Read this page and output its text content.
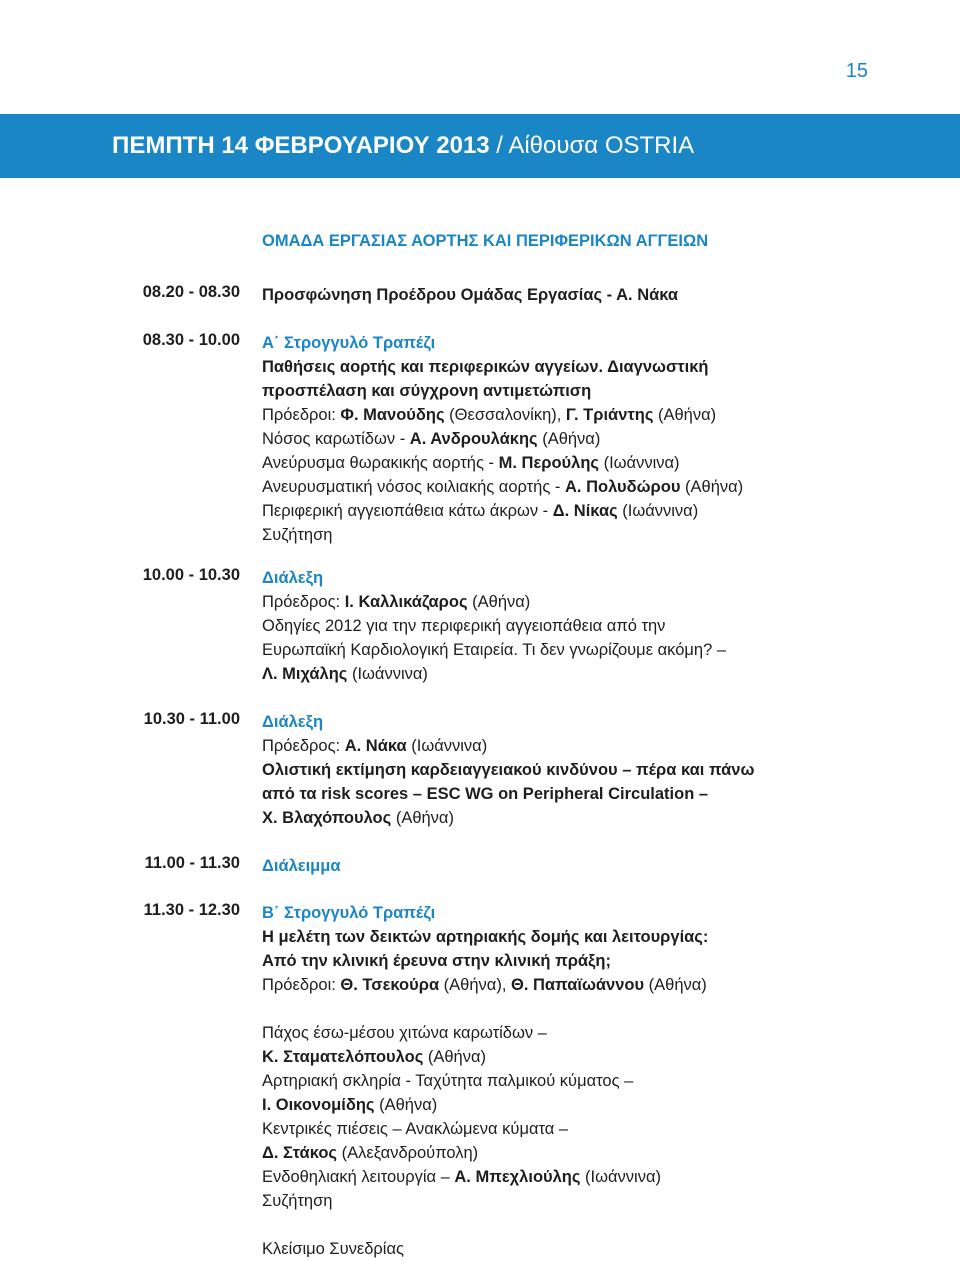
15
ΠΕΜΠΤΗ 14 ΦΕΒΡΟΥΑΡΙΟΥ 2013 / Αίθουσα OSTRIA
ΟΜΑΔΑ ΕΡΓΑΣΙΑΣ ΑΟΡΤΗΣ ΚΑΙ ΠΕΡΙΦΕΡΙΚΩΝ ΑΓΓΕΙΩΝ
08.20 - 08.30 Προσφώνηση Προέδρου Ομάδας Εργασίας - Α. Νάκα
08.30 - 10.00 Α΄ Στρογγυλό Τραπέζι
Παθήσεις αορτής και περιφερικών αγγείων. Διαγνωστική
προσπέλαση και σύγχρονη αντιμετώπιση
Πρόεδροι: Φ. Μανούδης (Θεσσαλονίκη), Γ. Τριάντης (Αθήνα)
Νόσος καρωτίδων - Α. Ανδρουλάκης (Αθήνα)
Ανεύρυσμα θωρακικής αορτής - Μ. Περούλης (Ιωάννινα)
Ανευρυσματική νόσος κοιλιακής αορτής - Α. Πολυδώρου (Αθήνα)
Περιφερική αγγειοπάθεια κάτω άκρων - Δ. Νίκας (Ιωάννινα)
Συζήτηση
10.00 - 10.30 Διάλεξη
Πρόεδρος: Ι. Καλλικάζαρος (Αθήνα)
Οδηγίες 2012 για την περιφερική αγγειοπάθεια από την
Ευρωπαϊκή Καρδιολογική Εταιρεία. Τι δεν γνωρίζουμε ακόμη? –
Λ. Μιχάλης (Ιωάννινα)
10.30 - 11.00 Διάλεξη
Πρόεδρος: Α. Νάκα (Ιωάννινα)
Ολιστική εκτίμηση καρδειαγγειακού κινδύνου – πέρα και πάνω
από τα risk scores – ESC WG on Peripheral Circulation –
Χ. Βλαχόπουλος (Αθήνα)
11.00 - 11.30 Διάλειμμα
11.30 - 12.30 Β΄ Στρογγυλό Τραπέζι
Η μελέτη των δεικτών αρτηριακής δομής και λειτουργίας:
Από την κλινική έρευνα στην κλινική πράξη;
Πρόεδροι: Θ. Τσεκούρα (Αθήνα), Θ. Παπαϊωάννου (Αθήνα)
Πάχος έσω-μέσου χιτώνα καρωτίδων –
Κ. Σταματελόπουλος (Αθήνα)
Αρτηριακή σκληρία - Ταχύτητα παλμικού κύματος –
Ι. Οικονομίδης (Αθήνα)
Κεντρικές πιέσεις – Ανακλώμενα κύματα –
Δ. Στάκος (Αλεξανδρούπολη)
Ενδοθηλιακή λειτουργία – Α. Μπεχλιούλης (Ιωάννινα)
Συζήτηση
Κλείσιμο Συνεδρίας
